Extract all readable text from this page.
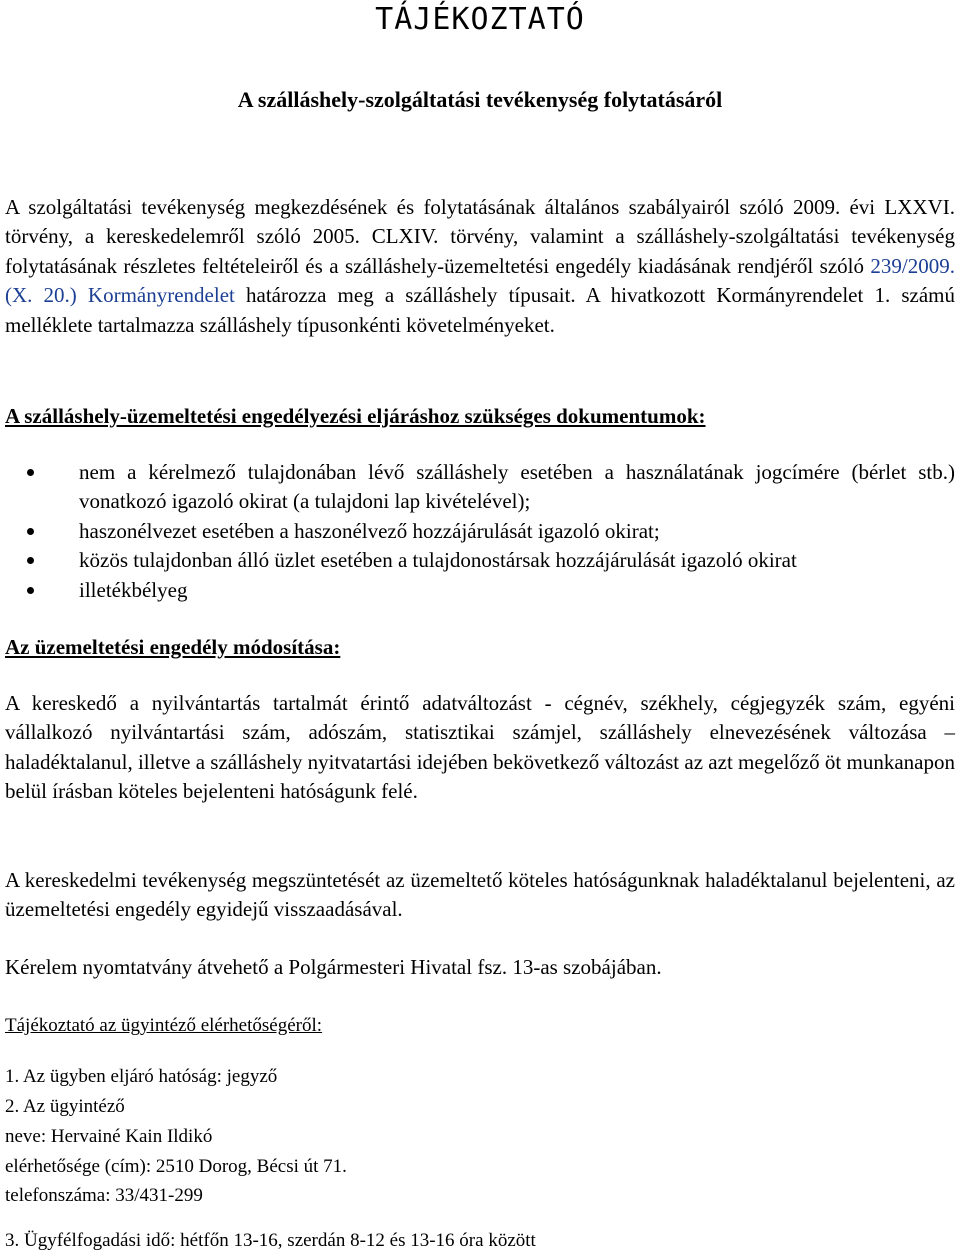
TÁJÉKOZTATÓ
A szálláshely-szolgáltatási tevékenység folytatásáról

A szolgáltatási tevékenység megkezdésének és folytatásának általános szabályairól szóló 2009. évi LXXVI. törvény, a kereskedelemről szóló 2005. CLXIV. törvény, valamint a szálláshely-szolgáltatási tevékenység folytatásának részletes feltételeiről és a szálláshely-üzemeltetési engedély kiadásának rendjéről szóló 239/2009. (X. 20.) Kormányrendelet határozza meg a szálláshely típusait. A hivatkozott Kormányrendelet 1. számú melléklete tartalmazza szálláshely típusonkénti követelményeket.

A szálláshely-üzemeltetési engedélyezési eljáráshoz szükséges dokumentumok:

nem a kérelmező tulajdonában lévő szálláshely esetében a használatának jogcímére (bérlet stb.) vonatkozó igazoló okirat (a tulajdoni lap kivételével);
haszonélvezet esetében a haszonélvező hozzájárulását igazoló okirat;
közös tulajdonban álló üzlet esetében a tulajdonostársak hozzájárulását igazoló okirat
illetékbélyeg

Az üzemeltetési engedély módosítása:

A kereskedő a nyilvántartás tartalmát érintő adatváltozást - cégnév, székhely, cégjegyzék szám, egyéni vállalkozó nyilvántartási szám, adószám, statisztikai számjel, szálláshely elnevezésének változása – haladéktalanul, illetve a szálláshely nyitvatartási idejében bekövetkező változást az azt megelőző öt munkanapon belül írásban köteles bejelenteni hatóságunk felé.

A kereskedelmi tevékenység megszüntetését az üzemeltető köteles hatóságunknak haladéktalanul bejelenteni, az üzemeltetési engedély egyidejű visszaadásával.

Kérelem nyomtatvány átvehető a Polgármesteri Hivatal fsz. 13-as szobájában.

Tájékoztató az ügyintéző elérhetőségéről:

1. Az ügyben eljáró hatóság: jegyző

2. Az ügyintéző

neve: Hervainé Kain Ildikó

elérhetősége (cím): 2510 Dorog, Bécsi út 71.

telefonszáma: 33/431-299

3. Ügyfélfogadási idő: hétfőn 13-16, szerdán 8-12 és 13-16 óra között
